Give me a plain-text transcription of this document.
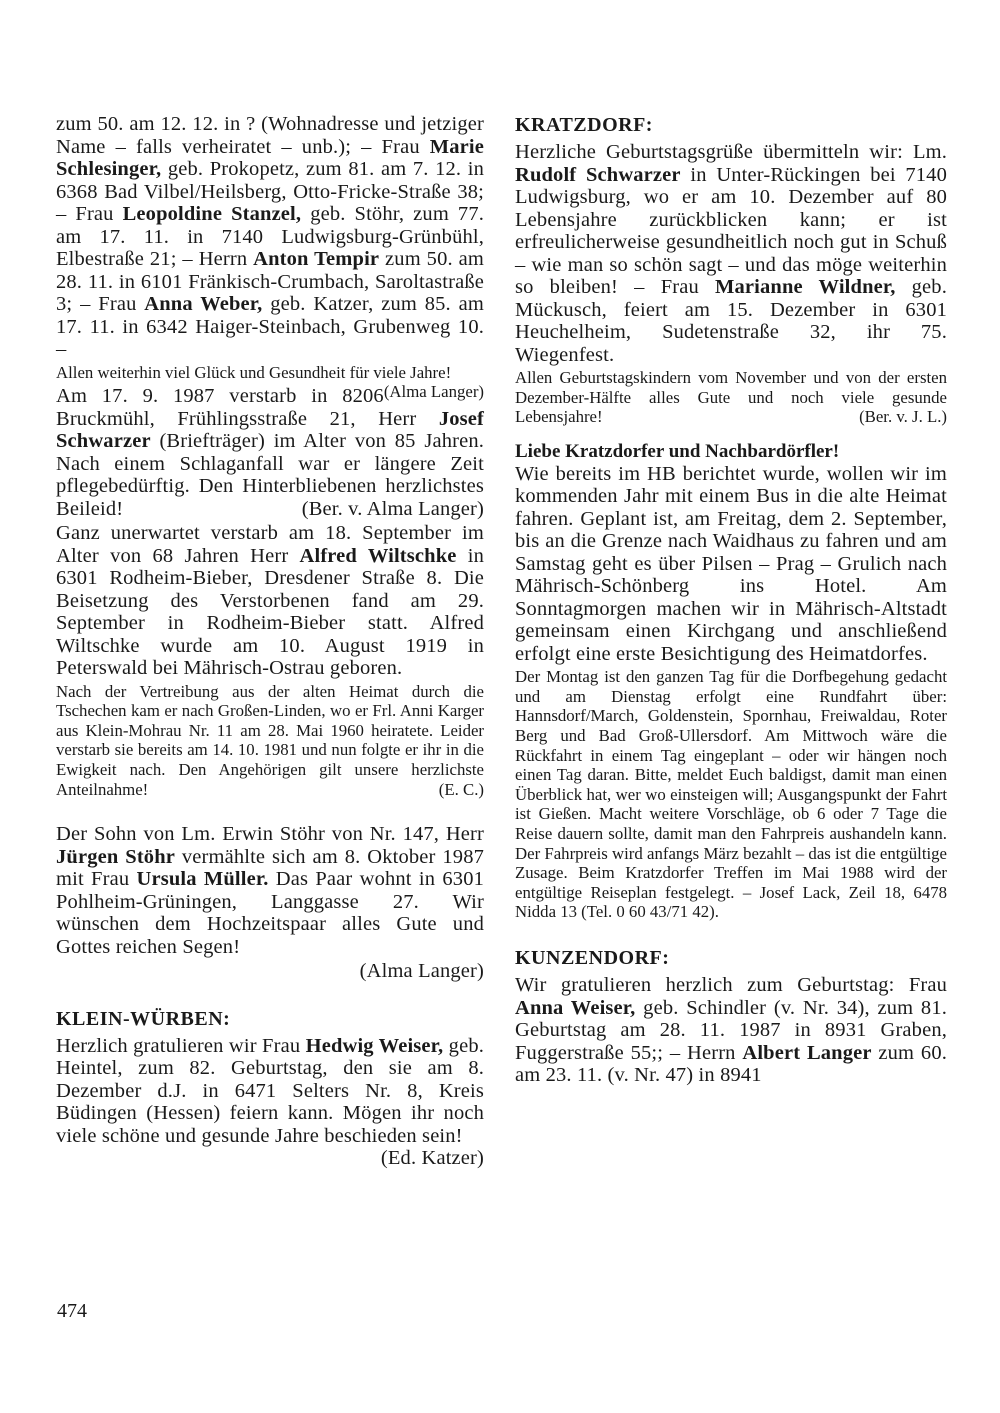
zum 50. am 12. 12. in ? (Wohnadresse und jetziger Name – falls verheiratet – unb.); – Frau Marie Schlesinger, geb. Prokopetz, zum 81. am 7. 12. in 6368 Bad Vilbel/Heilsberg, Otto-Fricke-Straße 38; – Frau Leopoldine Stanzel, geb. Stöhr, zum 77. am 17. 11. in 7140 Ludwigsburg-Grünbühl, Elbestraße 21; – Herrn Anton Tempir zum 50. am 28. 11. in 6101 Fränkisch-Crumbach, Saroltastraße 3; – Frau Anna Weber, geb. Katzer, zum 85. am 17. 11. in 6342 Haiger-Steinbach, Grubenweg 10. –

Allen weiterhin viel Glück und Gesundheit für viele Jahre!
(Alma Langer)

Am 17. 9. 1987 verstarb in 8206 Bruckmühl, Frühlingsstraße 21, Herr Josef Schwarzer (Briefträger) im Alter von 85 Jahren. Nach einem Schlaganfall war er längere Zeit pflegebedürftig. Den Hinterbliebenen herzlichstes Beileid!	(Ber. v. Alma Langer)

Ganz unerwartet verstarb am 18. September im Alter von 68 Jahren Herr Alfred Wiltschke in 6301 Rodheim-Bieber, Dresdener Straße 8. Die Beisetzung des Verstorbenen fand am 29. September in Rodheim-Bieber statt. Alfred Wiltschke wurde am 10. August 1919 in Peterswald bei Mährisch-Ostrau geboren.

Nach der Vertreibung aus der alten Heimat durch die Tschechen kam er nach Großen-Linden, wo er Frl. Anni Karger aus Klein-Mohrau Nr. 11 am 28. Mai 1960 heiratete. Leider verstarb sie bereits am 14. 10. 1981 und nun folgte er ihr in die Ewigkeit nach. Den Angehörigen gilt unsere herzlichste Anteilnahme!	(E. C.)

Der Sohn von Lm. Erwin Stöhr von Nr. 147, Herr Jürgen Stöhr vermählte sich am 8. Oktober 1987 mit Frau Ursula Müller. Das Paar wohnt in 6301 Pohlheim-Grüningen, Langgasse 27. Wir wünschen dem Hochzeitspaar alles Gute und Gottes reichen Segen!

(Alma Langer)

KLEIN-WÜRBEN:

Herzlich gratulieren wir Frau Hedwig Weiser, geb. Heintel, zum 82. Geburtstag, den sie am 8. Dezember d.J. in 6471 Selters Nr. 8, Kreis Büdingen (Hessen) feiern kann. Mögen ihr noch viele schöne und gesunde Jahre beschieden sein!
(Ed. Katzer)

KRATZDORF:

Herzliche Geburtstagsgrüße übermitteln wir: Lm. Rudolf Schwarzer in Unter-Rückingen bei 7140 Ludwigsburg, wo er am 10. Dezember auf 80 Lebensjahre zurückblicken kann; er ist erfreulicherweise gesundheitlich noch gut in Schuß – wie man so schön sagt – und das möge weiterhin so bleiben! – Frau Marianne Wildner, geb. Mückusch, feiert am 15. Dezember in 6301 Heuchelheim, Sudetenstraße 32, ihr 75. Wiegenfest.

Allen Geburtstagskindern vom November und von der ersten Dezember-Hälfte alles Gute und noch viele gesunde Lebensjahre!	(Ber. v. J. L.)

Liebe Kratzdorfer und Nachbardörfler!

Wie bereits im HB berichtet wurde, wollen wir im kommenden Jahr mit einem Bus in die alte Heimat fahren. Geplant ist, am Freitag, dem 2. September, bis an die Grenze nach Waidhaus zu fahren und am Samstag geht es über Pilsen – Prag – Grulich nach Mährisch-Schönberg ins Hotel. Am Sonntagmorgen machen wir in Mährisch-Altstadt gemeinsam einen Kirchgang und anschließend erfolgt eine erste Besichtigung des Heimatdorfes.

Der Montag ist den ganzen Tag für die Dorfbegehung gedacht und am Dienstag erfolgt eine Rundfahrt über: Hannsdorf/March, Goldenstein, Spornhau, Freiwaldau, Roter Berg und Bad Groß-Ullersdorf. Am Mittwoch wäre die Rückfahrt in einem Tag eingeplant – oder wir hängen noch einen Tag daran. Bitte, meldet Euch baldigst, damit man einen Überblick hat, wer wo einsteigen will; Ausgangspunkt der Fahrt ist Gießen. Macht weitere Vorschläge, ob 6 oder 7 Tage die Reise dauern sollte, damit man den Fahrpreis aushandeln kann. Der Fahrpreis wird anfangs März bezahlt – das ist die entgültige Zusage. Beim Kratzdorfer Treffen im Mai 1988 wird der entgültige Reiseplan festgelegt. – Josef Lack, Zeil 18, 6478 Nidda 13 (Tel. 0 60 43/71 42).

KUNZENDORF:

Wir gratulieren herzlich zum Geburtstag: Frau Anna Weiser, geb. Schindler (v. Nr. 34), zum 81. Geburtstag am 28. 11. 1987 in 8931 Graben, Fuggerstraße 55;; – Herrn Albert Langer zum 60. am 23. 11. (v. Nr. 47) in 8941

474
